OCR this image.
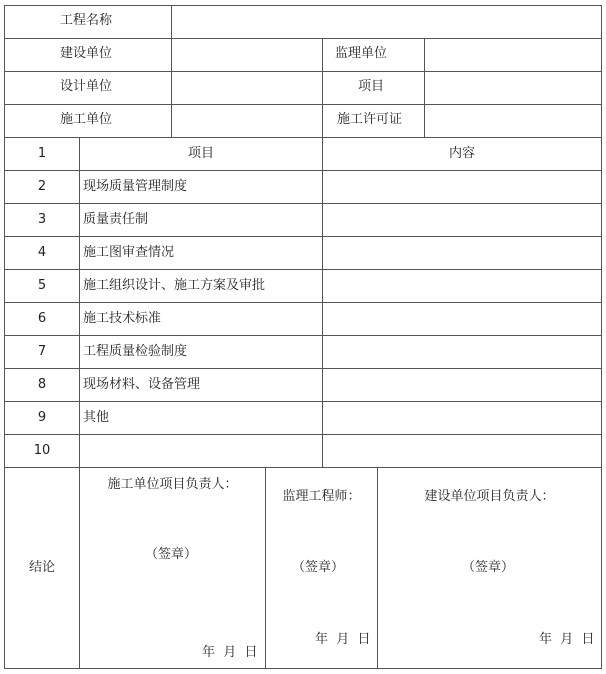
工程名称
建设单位	监理单位
设计单位	项目
施工单位	施工许可证
1	项目	内容
2	现场质量管理制度
3	质量责任制
4	施工图审查情况
5	施工组织设计、施工方案及审批
6	施工技术标准
7	工程质量检验制度
8	现场材料、设备管理
9	其他
10
结论
施工单位项目负责人：
（签章）
年  月  日
监理工程师：
（签章）
年  月  日
建设单位项目负责人：
（签章）
年  月  日
